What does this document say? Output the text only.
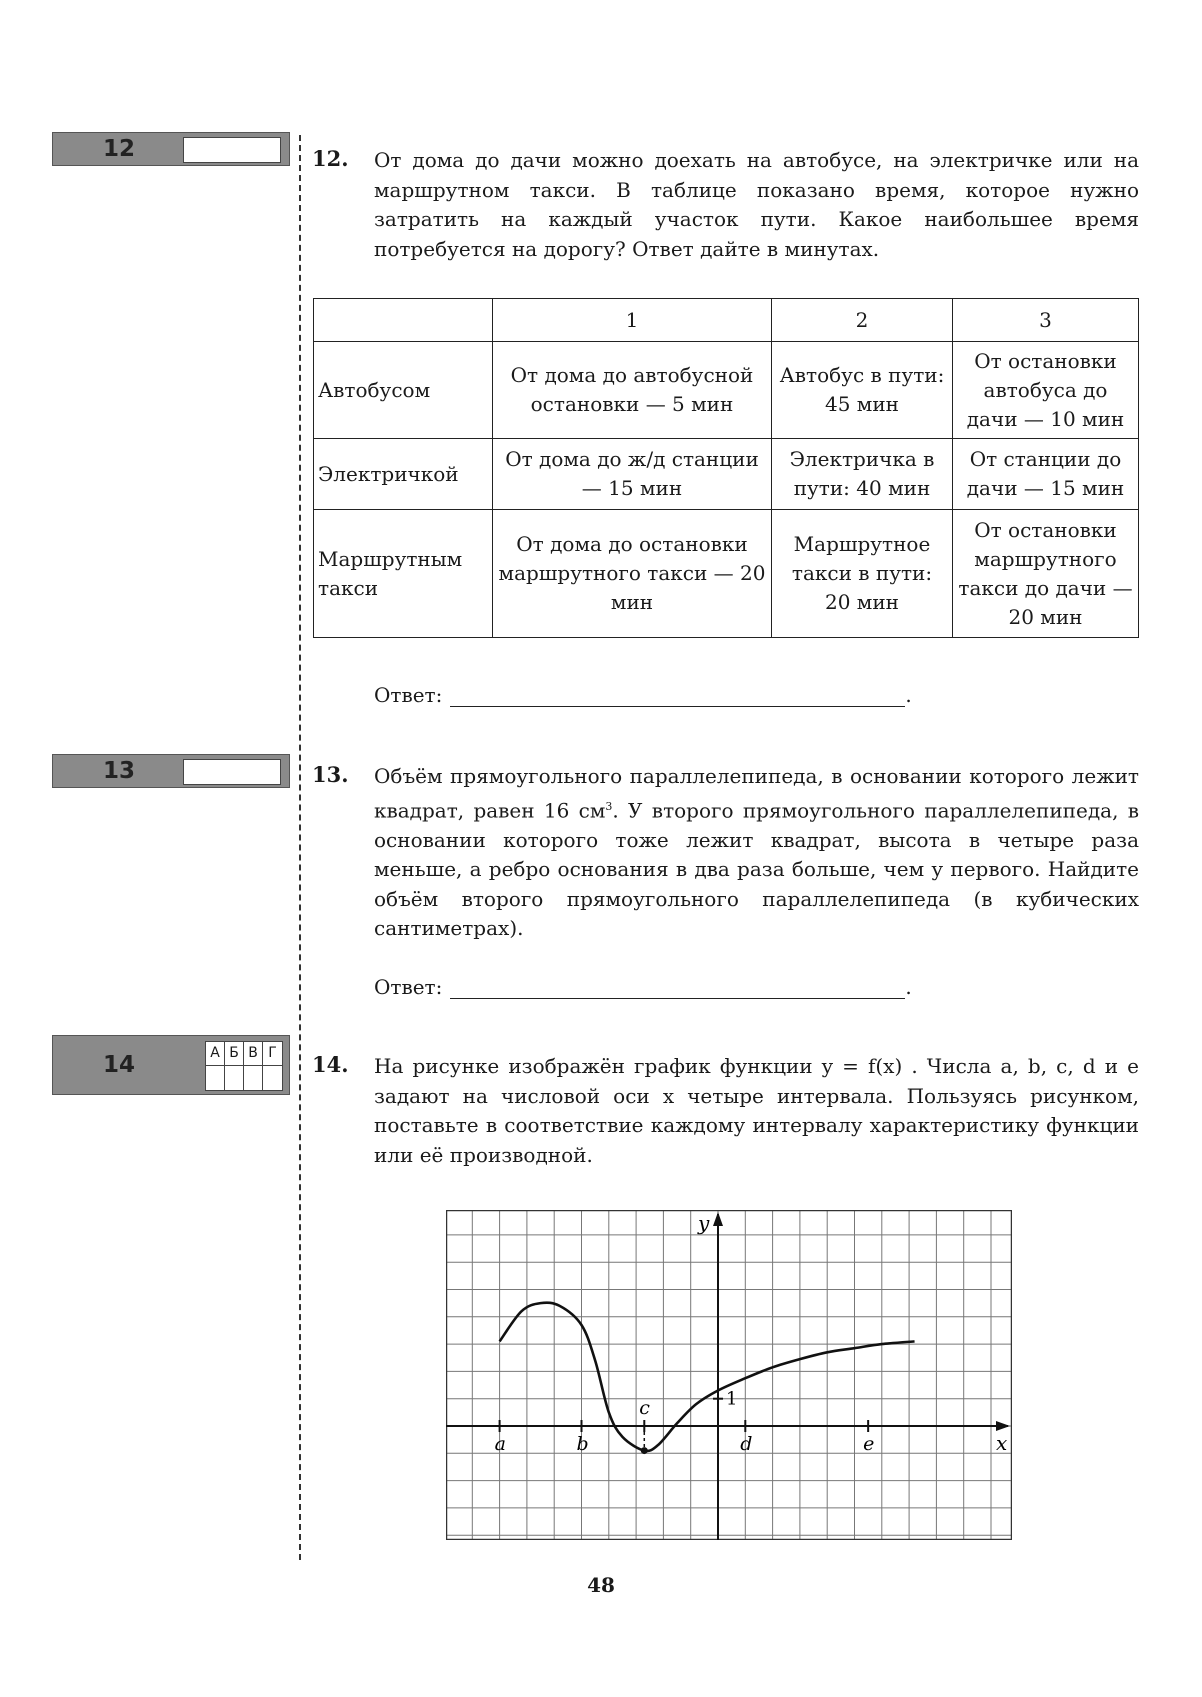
12	12. От дома до дачи можно доехать на автобусе, на электричке или на маршрутном такси. В таблице показано время, которое нужно затратить на каждый участок пути. Какое наибольшее время потребуется на дорогу? Ответ дайте в минутах.
	1	2	3
Автобусом	От дома до автобусной остановки — 5 мин	Автобус в пути: 45 мин	От остановки автобуса до дачи — 10 мин
Электричкой	От дома до ж/д станции — 15 мин	Электричка в пути: 40 мин	От станции до дачи — 15 мин
Маршрутным такси	От дома до остановки маршрутного такси — 20 мин	Маршрутное такси в пути: 20 мин	От остановки маршрутного такси до дачи — 20 мин
Ответ:	.
13	13. Объём прямоугольного параллелепипеда, в основании которого лежит квадрат, равен 16 $см^3$. У второго прямоугольного параллелепипеда, в основании которого тоже лежит квадрат, высота в четыре раза меньше, а ребро основания в два раза больше, чем у первого. Найдите объём второго прямоугольного параллелепипеда (в кубических сантиметрах).
Ответ:	.
14	А Б В Г 14. На рисунке изображён график функции y = f(x) . Числа a, b, c, d и e задают на числовой оси x четыре интервала. Пользуясь рисунком, поставьте в соответствие каждому интервалу характеристику функции или её производной.
x
y
1
a	b
c
d	e
48
